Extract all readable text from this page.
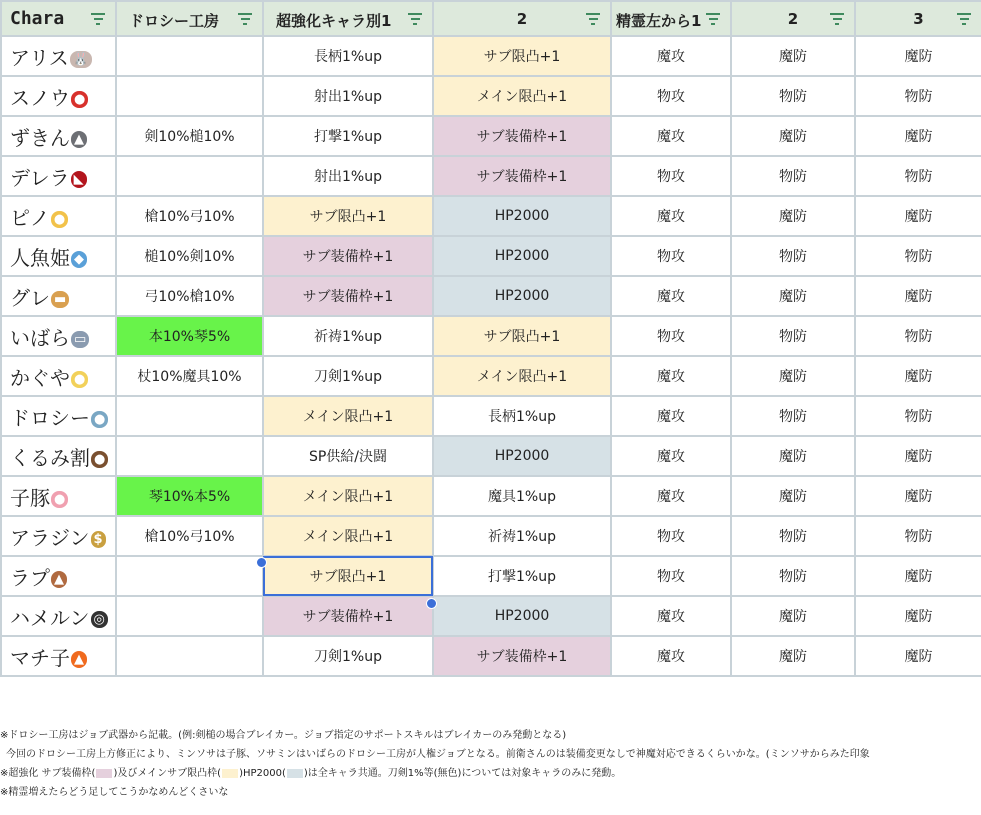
Chara	ドロシー工房	超強化キャラ別1	2	精霊左から1	2	3

アリス 🐰		長柄1%up	サブ限凸+1	魔攻	魔防	魔防
スノウ ●		射出1%up	メイン限凸+1	物攻	物防	物防
ずきん ▲	剣10%槌10%	打撃1%up	サブ装備枠+1	魔攻	魔防	魔防
デレラ ◣		射出1%up	サブ装備枠+1	物攻	物防	物防
ピノ ●	槍10%弓10%	サブ限凸+1	HP2000	魔攻	魔防	魔防
人魚姫 ◆	槌10%剣10%	サブ装備枠+1	HP2000	物攻	物防	物防
グレ ▬	弓10%槍10%	サブ装備枠+1	HP2000	魔攻	魔防	魔防
いばら ▭	本10%琴5%	祈祷1%up	サブ限凸+1	物攻	物防	物防
かぐや ●	杖10%魔具10%	刀剣1%up	メイン限凸+1	魔攻	魔防	魔防
ドロシー ●		メイン限凸+1	長柄1%up	魔攻	物防	物防
くるみ割 ●		SP供給/決闘	HP2000	魔攻	魔防	魔防
子豚 ●	琴10%本5%	メイン限凸+1	魔具1%up	魔攻	魔防	魔防
アラジン $	槍10%弓10%	メイン限凸+1	祈祷1%up	物攻	物防	物防
ラプ ▲		サブ限凸+1	打撃1%up	物攻	物防	魔防
ハメルン ◎		サブ装備枠+1	HP2000	魔攻	魔防	魔防
マチ子 ▲		刀剣1%up	サブ装備枠+1	魔攻	魔防	魔防
※ドロシー工房はジョブ武器から記載。(例:剣槌の場合ブレイカー。ジョブ指定のサポートスキルはブレイカーのみ発動となる)
今回のドロシー工房上方修正により、ミンソサは子豚、ソサミンはいばらのドロシー工房が人権ジョブとなる。前衛さんのは装備変更なしで神魔対応できるくらいかな。(ミンソサからみた印象
※超強化 サブ装備枠( )及びメインサブ限凸枠( )HP2000( )は全キャラ共通。刀剣1%等(無色)については対象キャラのみに発動。
※精霊増えたらどう足してこうかなめんどくさいな
